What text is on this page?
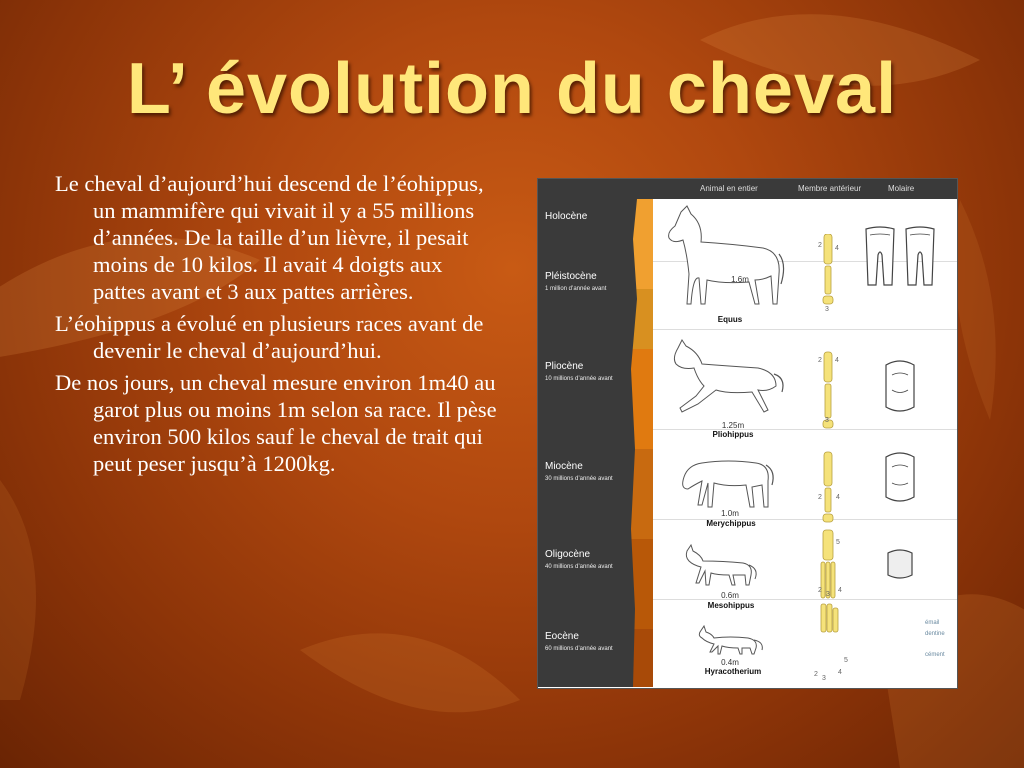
L’ évolution du cheval

Le cheval d’aujourd’hui descend de l’éohippus, un mammifère qui vivait il y a 55 millions d’années. De la taille d’un lièvre, il pesait moins de 10 kilos. Il avait 4 doigts aux pattes avant et 3 aux pattes arrières.

L’éohippus a évolué en plusieurs races avant de devenir le cheval d’aujourd’hui.

De nos jours, un cheval mesure environ 1m40 au garot plus ou moins 1m selon sa race. Il pèse environ 500 kilos sauf le cheval de trait qui peut peser jusqu’à 1200kg.

Animal en entier	Membre antérieur	Molaire
Holocène
Pléistocène
1 million d’année avant
Pliocène
10 millions d’année avant
Miocène
30 millions d’année avant
Oligocène
40 millions d’année avant
Eocène
60 millions d’année avant
1.6m
Equus
1.25m
Pliohippus
1.0m
Merychippus
0.6m
Mesohippus
0.4m
Hyracotherium
2 4
3
2 4
3
2 4
5
2
3
4
5
2
3
4
émail
dentine
cément
